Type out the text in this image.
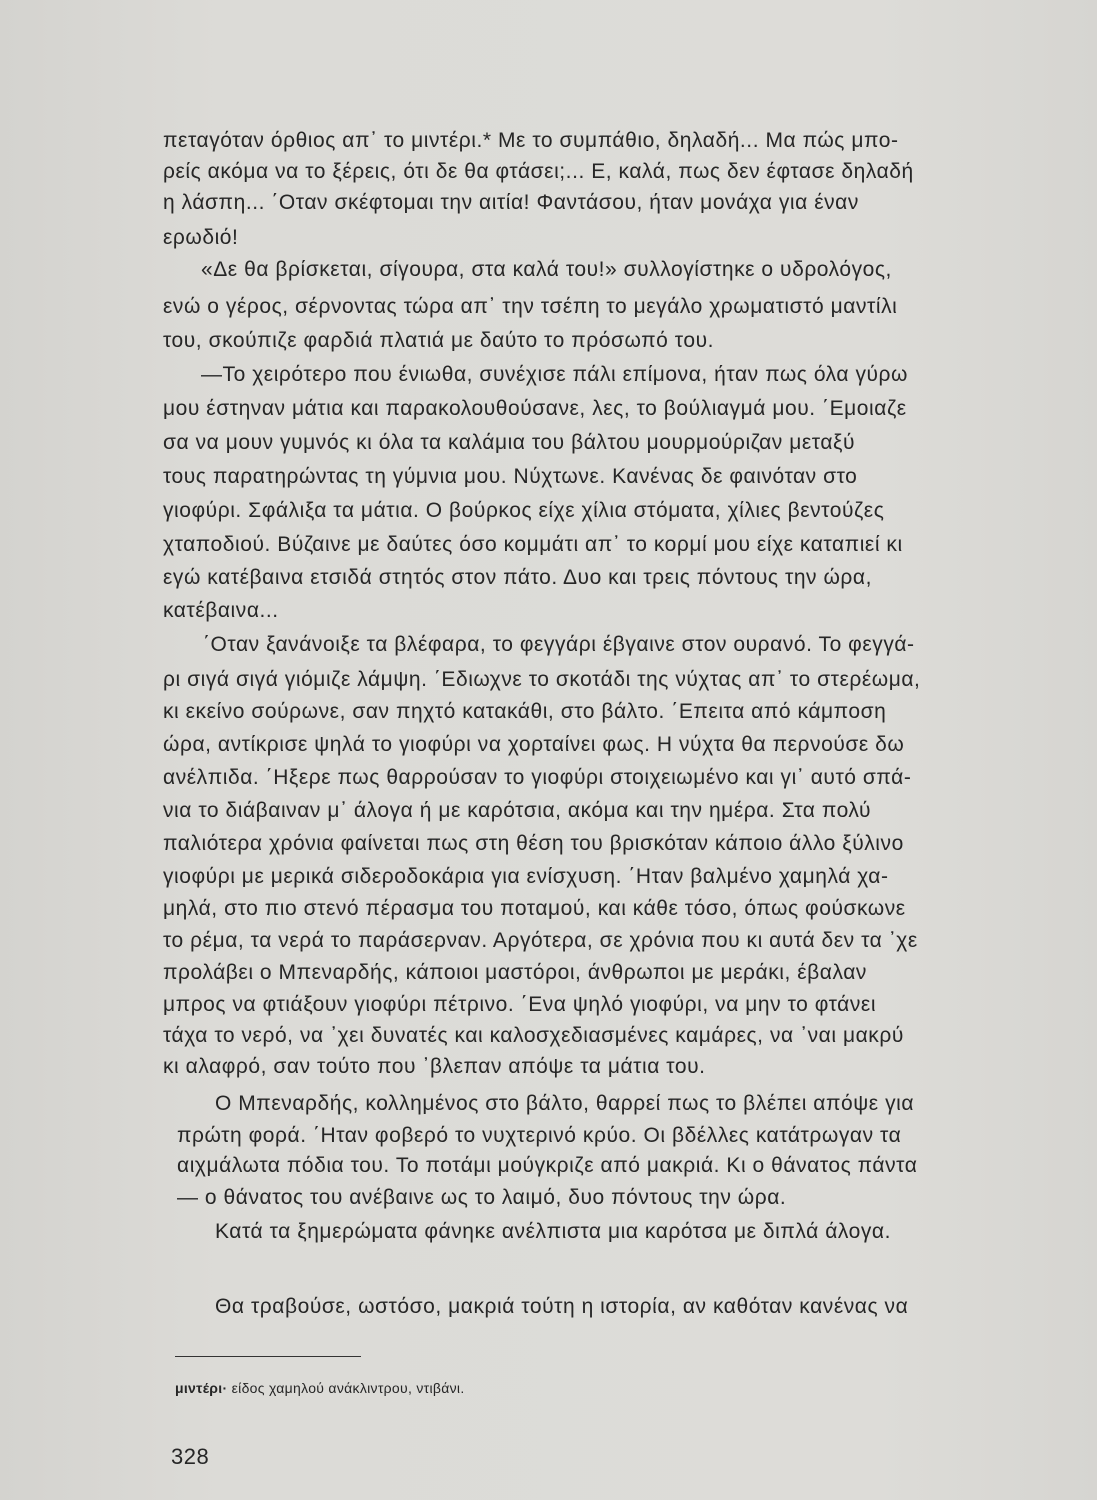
πεταγόταν όρθιος απ᾽ το μιντέρι.* Με το συμπάθιο, δηλαδή... Μα πώς μπο-
ρείς ακόμα να το ξέρεις, ότι δε θα φτάσει;... Ε, καλά, πως δεν έφτασε δηλαδή
η λάσπη... ΄Οταν σκέφτομαι την αιτία! Φαντάσου, ήταν μονάχα για έναν
ερωδιό!
«Δε θα βρίσκεται, σίγουρα, στα καλά του!» συλλογίστηκε ο υδρολόγος,
ενώ ο γέρος, σέρνοντας τώρα απ᾽ την τσέπη το μεγάλο χρωματιστό μαντίλι
του, σκούπιζε φαρδιά πλατιά με δαύτο το πρόσωπό του.
—Το χειρότερο που ένιωθα, συνέχισε πάλι επίμονα, ήταν πως όλα γύρω
μου έστηναν μάτια και παρακολουθούσανε, λες, το βούλιαγμά μου. ΄Εμοιαζε
σα να μουν γυμνός κι όλα τα καλάμια του βάλτου μουρμούριζαν μεταξύ
τους παρατηρώντας τη γύμνια μου. Νύχτωνε. Κανένας δε φαινόταν στο
γιοφύρι. Σφάλιξα τα μάτια. Ο βούρκος είχε χίλια στόματα, χίλιες βεντούζες
χταποδιού. Βύζαινε με δαύτες όσο κομμάτι απ᾽ το κορμί μου είχε καταπιεί κι
εγώ κατέβαινα ετσιδά στητός στον πάτο. Δυο και τρεις πόντους την ώρα,
κατέβαινα...
΄Οταν ξανάνοιξε τα βλέφαρα, το φεγγάρι έβγαινε στον ουρανό. Το φεγγά-
ρι σιγά σιγά γιόμιζε λάμψη. ΄Εδιωχνε το σκοτάδι της νύχτας απ᾽ το στερέωμα,
κι εκείνο σούρωνε, σαν πηχτό κατακάθι, στο βάλτο. ΄Επειτα από κάμποση
ώρα, αντίκρισε ψηλά το γιοφύρι να χορταίνει φως. Η νύχτα θα περνούσε δω
ανέλπιδα. ΄Ηξερε πως θαρρούσαν το γιοφύρι στοιχειωμένο και γι᾽ αυτό σπά-
νια το διάβαιναν μ᾽ άλογα ή με καρότσια, ακόμα και την ημέρα. Στα πολύ
παλιότερα χρόνια φαίνεται πως στη θέση του βρισκόταν κάποιο άλλο ξύλινο
γιοφύρι με μερικά σιδεροδοκάρια για ενίσχυση. ΄Ηταν βαλμένο χαμηλά χα-
μηλά, στο πιο στενό πέρασμα του ποταμού, και κάθε τόσο, όπως φούσκωνε
το ρέμα, τα νερά το παράσερναν. Αργότερα, σε χρόνια που κι αυτά δεν τα ᾽χε
προλάβει ο Μπεναρδής, κάποιοι μαστόροι, άνθρωποι με μεράκι, έβαλαν
μπρος να φτιάξουν γιοφύρι πέτρινο. ΄Ενα ψηλό γιοφύρι, να μην το φτάνει
τάχα το νερό, να ᾽χει δυνατές και καλοσχεδιασμένες καμάρες, να ᾽ναι μακρύ
κι αλαφρό, σαν τούτο που ᾽βλεπαν απόψε τα μάτια του.
Ο Μπεναρδής, κολλημένος στο βάλτο, θαρρεί πως το βλέπει απόψε για
πρώτη φορά. ΄Ηταν φοβερό το νυχτερινό κρύο. Οι βδέλλες κατάτρωγαν τα
αιχμάλωτα πόδια του. Το ποτάμι μούγκριζε από μακριά. Κι ο θάνατος πάντα
— ο θάνατος του ανέβαινε ως το λαιμό, δυο πόντους την ώρα.
Κατά τα ξημερώματα φάνηκε ανέλπιστα μια καρότσα με διπλά άλογα.
Θα τραβούσε, ωστόσο, μακριά τούτη η ιστορία, αν καθόταν κανένας να
μιντέρι· είδος χαμηλού ανάκλιντρου, ντιβάνι.
328
